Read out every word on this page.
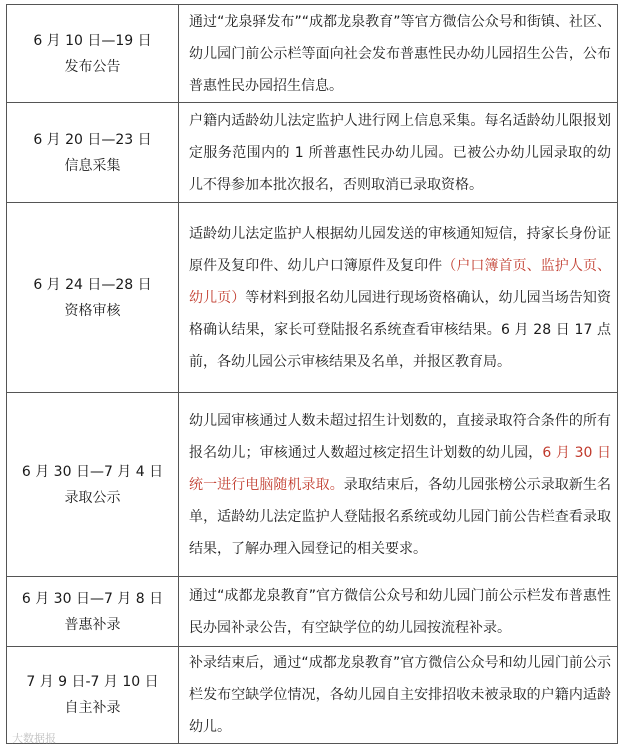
6 月 10 日—19 日
发布公告	通过“龙泉驿发布”“成都龙泉教育”等官方微信公众号和街镇、社区、幼儿园门前公示栏等面向社会发布普惠性民办幼儿园招生公告，公布普惠性民办园招生信息。

6 月 20 日—23 日
信息采集	户籍内适龄幼儿法定监护人进行网上信息采集。每名适龄幼儿限报划定服务范围内的 1 所普惠性民办幼儿园。已被公办幼儿园录取的幼儿不得参加本批次报名，否则取消已录取资格。

6 月 24 日—28 日
资格审核	适龄幼儿法定监护人根据幼儿园发送的审核通知短信，持家长身份证原件及复印件、幼儿户口簿原件及复印件（户口簿首页、监护人页、幼儿页）等材料到报名幼儿园进行现场资格确认，幼儿园当场告知资格确认结果，家长可登陆报名系统查看审核结果。6 月 28 日 17 点前，各幼儿园公示审核结果及名单，并报区教育局。

6 月 30 日—7 月 4 日
录取公示	幼儿园审核通过人数未超过招生计划数的，直接录取符合条件的所有报名幼儿；审核通过人数超过核定招生计划数的幼儿园，6 月 30 日统一进行电脑随机录取。录取结束后，各幼儿园张榜公示录取新生名单，适龄幼儿法定监护人登陆报名系统或幼儿园门前公告栏查看录取结果，了解办理入园登记的相关要求。

6 月 30 日—7 月 8 日
普惠补录	通过“成都龙泉教育”官方微信公众号和幼儿园门前公示栏发布普惠性民办园补录公告，有空缺学位的幼儿园按流程补录。

7 月 9 日-7 月 10 日
自主补录	补录结束后，通过“成都龙泉教育”官方微信公众号和幼儿园门前公示栏发布空缺学位情况，各幼儿园自主安排招收未被录取的户籍内适龄幼儿。
大数据报
